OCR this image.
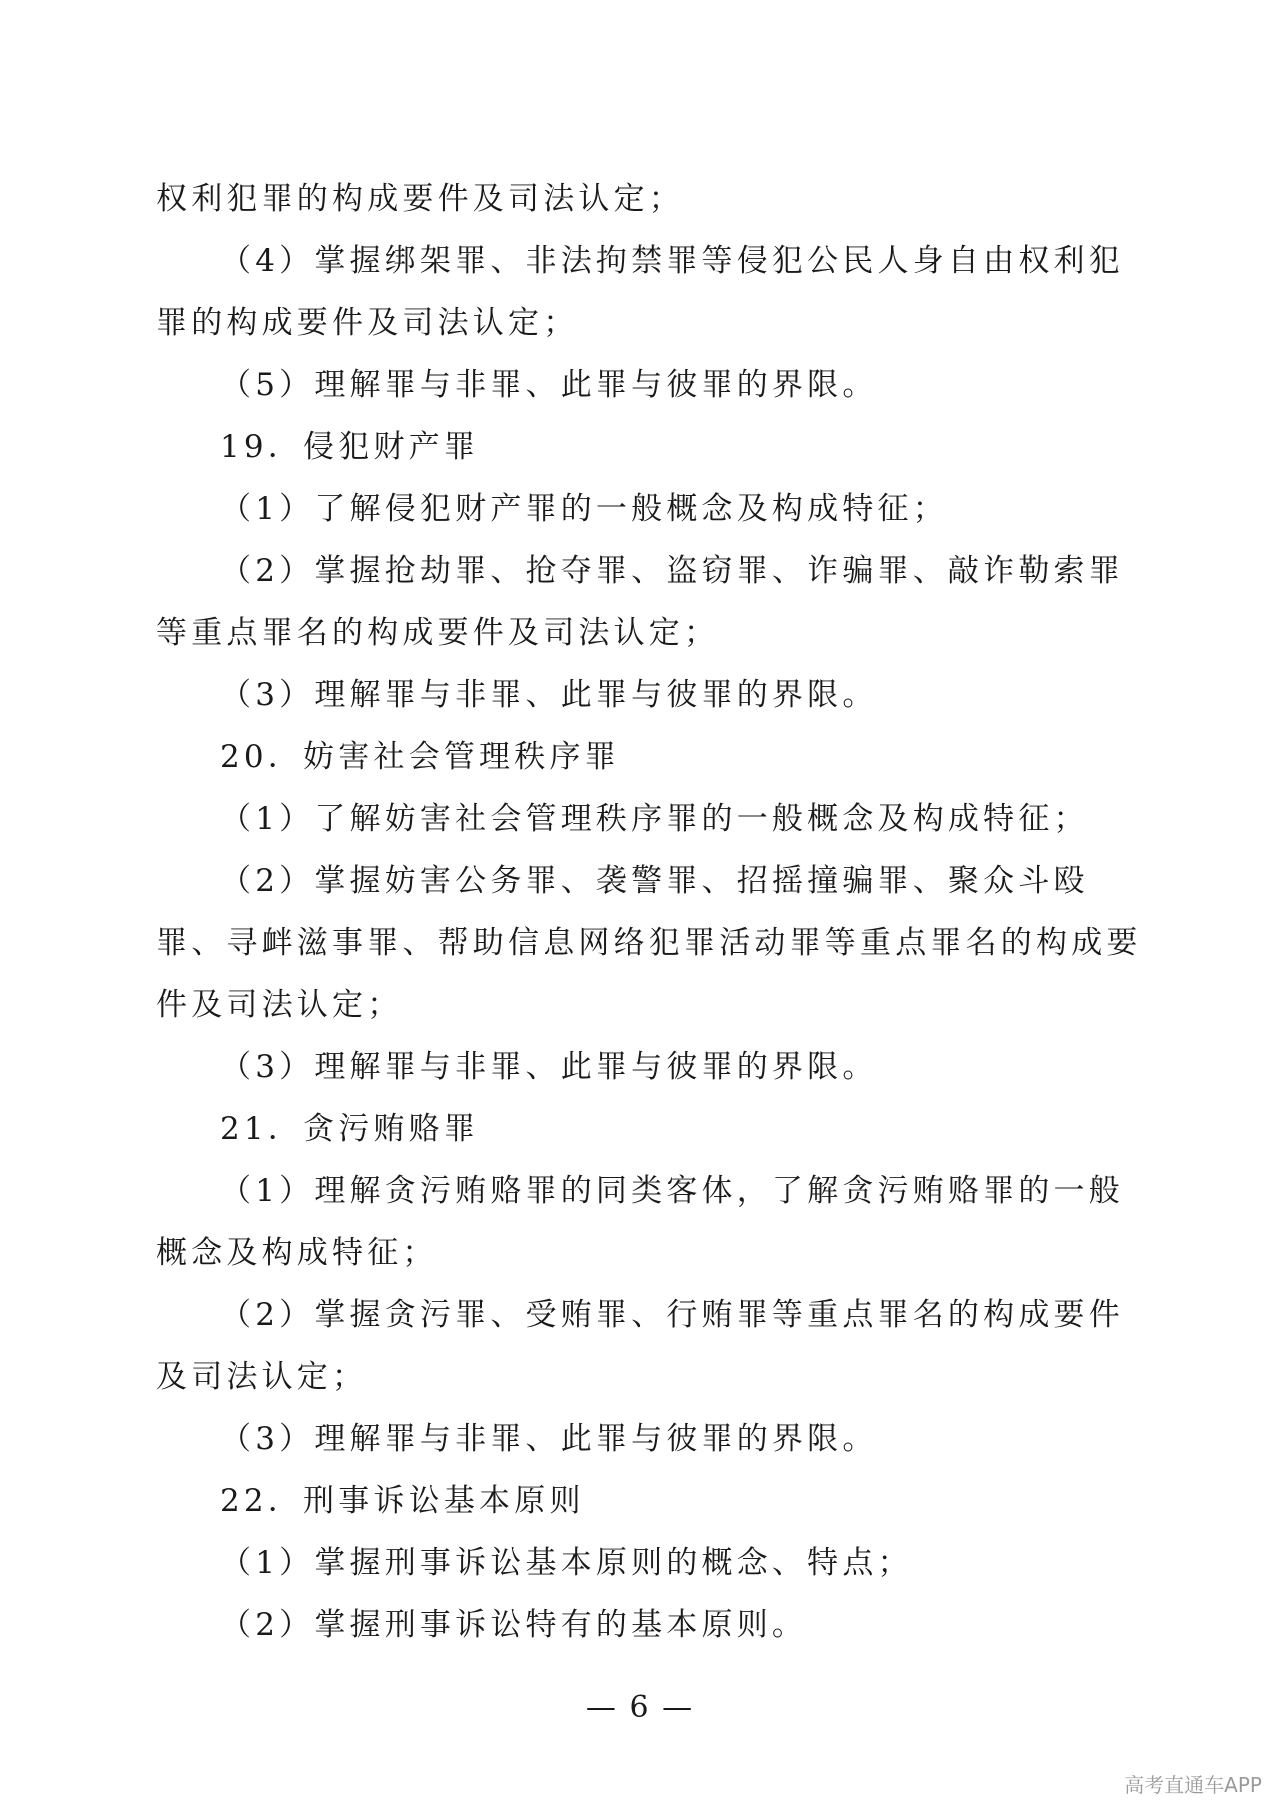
权利犯罪的构成要件及司法认定；
（4）掌握绑架罪、非法拘禁罪等侵犯公民人身自由权利犯
罪的构成要件及司法认定；
（5）理解罪与非罪、此罪与彼罪的界限。
19．侵犯财产罪
（1）了解侵犯财产罪的一般概念及构成特征；
（2）掌握抢劫罪、抢夺罪、盗窃罪、诈骗罪、敲诈勒索罪
等重点罪名的构成要件及司法认定；
（3）理解罪与非罪、此罪与彼罪的界限。
20．妨害社会管理秩序罪
（1）了解妨害社会管理秩序罪的一般概念及构成特征；
（2）掌握妨害公务罪、袭警罪、招摇撞骗罪、聚众斗殴
罪、寻衅滋事罪、帮助信息网络犯罪活动罪等重点罪名的构成要
件及司法认定；
（3）理解罪与非罪、此罪与彼罪的界限。
21．贪污贿赂罪
（1）理解贪污贿赂罪的同类客体，了解贪污贿赂罪的一般
概念及构成特征；
（2）掌握贪污罪、受贿罪、行贿罪等重点罪名的构成要件
及司法认定；
（3）理解罪与非罪、此罪与彼罪的界限。
22．刑事诉讼基本原则
（1）掌握刑事诉讼基本原则的概念、特点；
（2）掌握刑事诉讼特有的基本原则。
— 6 —
高考直通车APP
